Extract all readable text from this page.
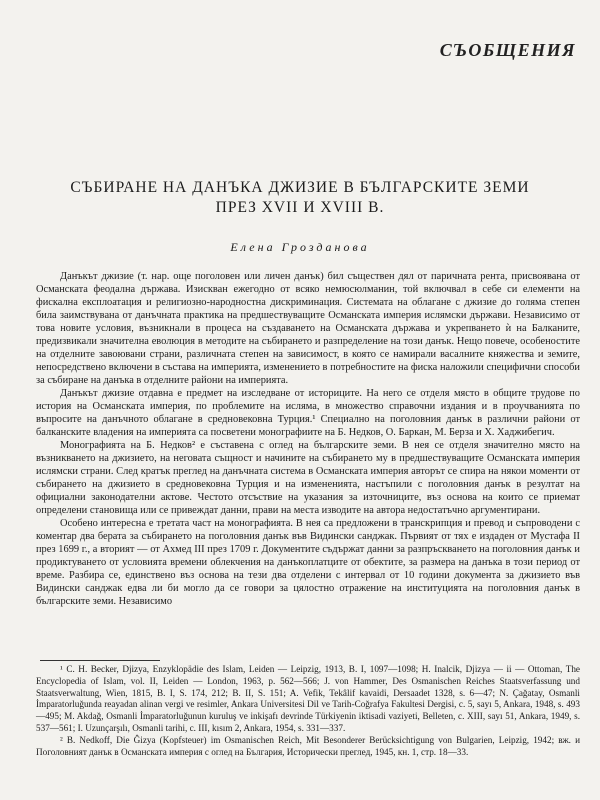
СЪОБЩЕНИЯ
СЪБИРАНЕ НА ДАНЪКА ДЖИЗИЕ В БЪЛГАРСКИТЕ ЗЕМИ
ПРЕЗ XVII И XVIII В.
Елена Грозданова

Данъкът джизие (т. нар. още поголовен или личен данък) бил съществен дял от паричната рента, присвоявана от Османската феодална държава. Изискван ежегодно от всяко немюсюлманин, той включвал в себе си елементи на фискална експлоатация и религиозно-народностна дискриминация. Системата на облагане с джизие до голяма степен била заимствувана от данъчната практика на предшествуващите Османската империя ислямски държави. Независимо от това новите условия, възникнали в процеса на създаването на Османската държава и укрепването ѝ на Балканите, предизвикали значителна еволюция в методите на събирането и разпределение на този данък. Нещо повече, особеностите на отделните завоювани страни, различната степен на зависимост, в която се намирали васалните княжества и земите, непосредствено включени в състава на империята, изменението в потребностите на фиска наложили специфични способи за събиране на данъка в отделните райони на империята.

Данъкът джизие отдавна е предмет на изследване от историците. На него се отделя място в общите трудове по история на Османската империя, по проблемите на исляма, в множество справочни издания и в проучванията по въпросите на данъчното облагане в средновековна Турция.¹ Специално на поголовния данък в различни райони от балканските владения на империята са посветени монографиите на Б. Недков, О. Баркан, М. Берза и Х. Хаджибегич.

Монографията на Б. Недков² е съставена с оглед на българските земи. В нея се отделя значително място на възникването на джизието, на неговата същност и начините на събирането му в предшествуващите Османската империя ислямски страни. След кратък преглед на данъчната система в Османската империя авторът се спира на някои моменти от събирането на джизието в средновековна Турция и на измененията, настъпили с поголовния данък в резултат на официални законодателни актове. Честото отсъствие на указания за източниците, въз основа на които се приемат определени становища или се привеждат данни, прави на места изводите на автора недостатъчно аргументирани.

Особено интересна е третата част на монографията. В нея са предложени в транскрипция и превод и съпроводени с коментар два берата за събирането на поголовния данък във Видински санджак. Първият от тях е издаден от Мустафа II през 1699 г., а вторият — от Ахмед III през 1709 г. Документите съдържат данни за разпръскването на поголовния данък и продиктуването от условията времени облекчения на данъкоплатците от обектите, за размера на данъка в този период от време. Разбира се, единствено въз основа на тези два отделени с интервал от 10 години документа за джизието във Видински санджак едва ли би могло да се говори за цялостно отражение на институцията на поголовния данък в българските земи. Независимо

¹ C. H. Becker, Djizya, Enzyklopädie des Islam, Leiden — Leipzig, 1913, B. I, 1097—1098; H. Inalcik, Djizya — ii — Ottoman, The Encyclopedia of Islam, vol. II, Leiden — London, 1963, p. 562—566; J. von Hammer, Des Osmanischen Reiches Staatsverfassung und Staatsverwaltung, Wien, 1815, B. I, S. 174, 212; B. II, S. 151; A. Vefik, Tekâlif kavaidi, Dersaadet 1328, s. 6—47; N. Çağatay, Osmanli İmparatorluğunda reayadan alinan vergi ve resimler, Ankara Universitesi Dil ve Tarih-Coğrafya Fakultesi Dergisi, c. 5, sayı 5, Ankara, 1948, s. 493—495; M. Akdağ, Osmanli İmparatorluğunun kuruluş ve inkişafı devrinde Türkiyenin iktisadi vaziyeti, Belleten, c. XIII, sayı 51, Ankara, 1949, s. 537—561; I. Uzunçarşılı, Osmanli tarihi, c. III, kısım 2, Ankara, 1954, s. 331—337.

² B. Nedkoff, Die Ĝizya (Kopfsteuer) im Osmanischen Reich, Mit Besonderer Berücksichtigung von Bulgarien, Leipzig, 1942; вж. и Поголовният данък в Османската империя с оглед на България, Исторически преглед, 1945, кн. 1, стр. 18—33.
